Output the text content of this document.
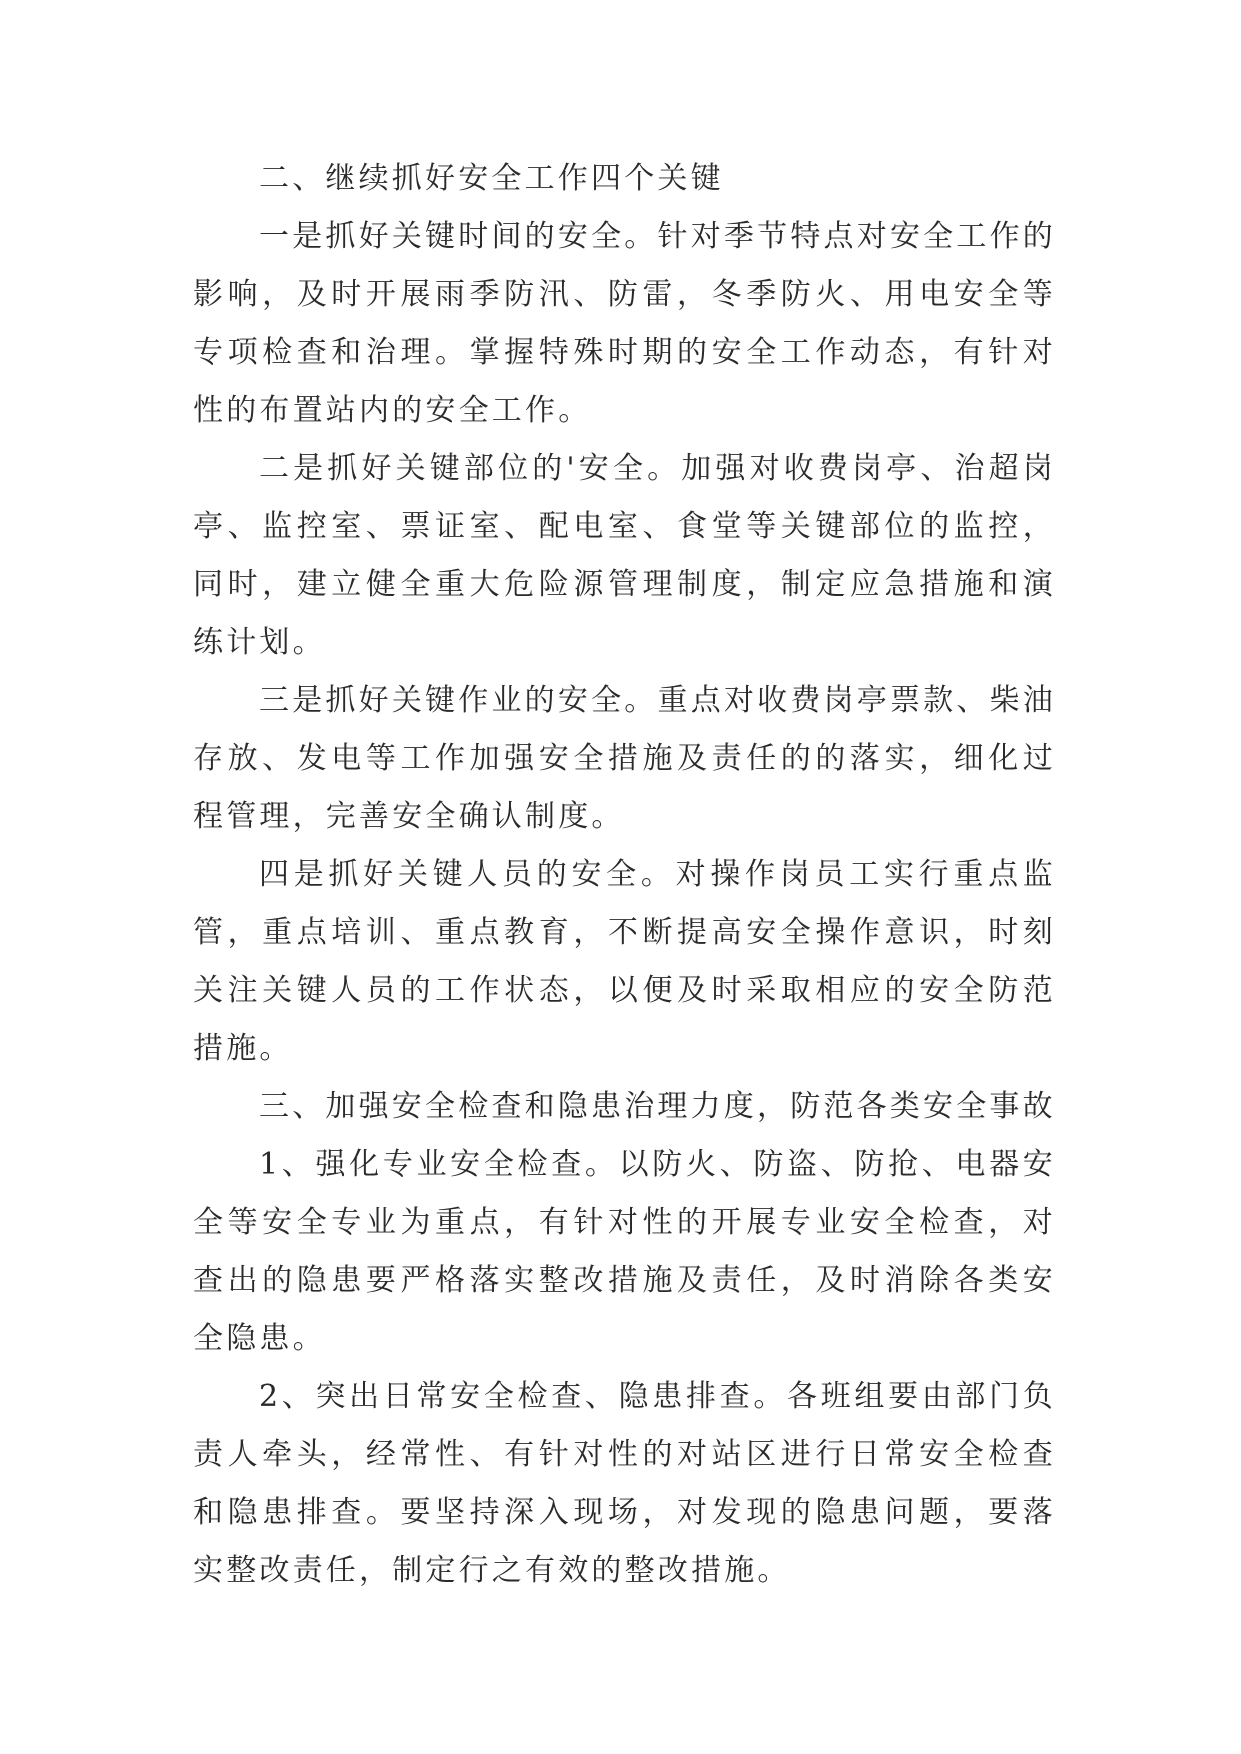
二、继续抓好安全工作四个关键

一是抓好关键时间的安全。针对季节特点对安全工作的影响，及时开展雨季防汛、防雷，冬季防火、用电安全等专项检查和治理。掌握特殊时期的安全工作动态，有针对性的布置站内的安全工作。

二是抓好关键部位的'安全。加强对收费岗亭、治超岗亭、监控室、票证室、配电室、食堂等关键部位的监控，同时，建立健全重大危险源管理制度，制定应急措施和演练计划。

三是抓好关键作业的安全。重点对收费岗亭票款、柴油存放、发电等工作加强安全措施及责任的的落实，细化过程管理，完善安全确认制度。

四是抓好关键人员的安全。对操作岗员工实行重点监管，重点培训、重点教育，不断提高安全操作意识，时刻关注关键人员的工作状态，以便及时采取相应的安全防范措施。

三、加强安全检查和隐患治理力度，防范各类安全事故

1、强化专业安全检查。以防火、防盗、防抢、电器安全等安全专业为重点，有针对性的开展专业安全检查，对查出的隐患要严格落实整改措施及责任，及时消除各类安全隐患。

2、突出日常安全检查、隐患排查。各班组要由部门负责人牵头，经常性、有针对性的对站区进行日常安全检查和隐患排查。要坚持深入现场，对发现的隐患问题，要落实整改责任，制定行之有效的整改措施。
